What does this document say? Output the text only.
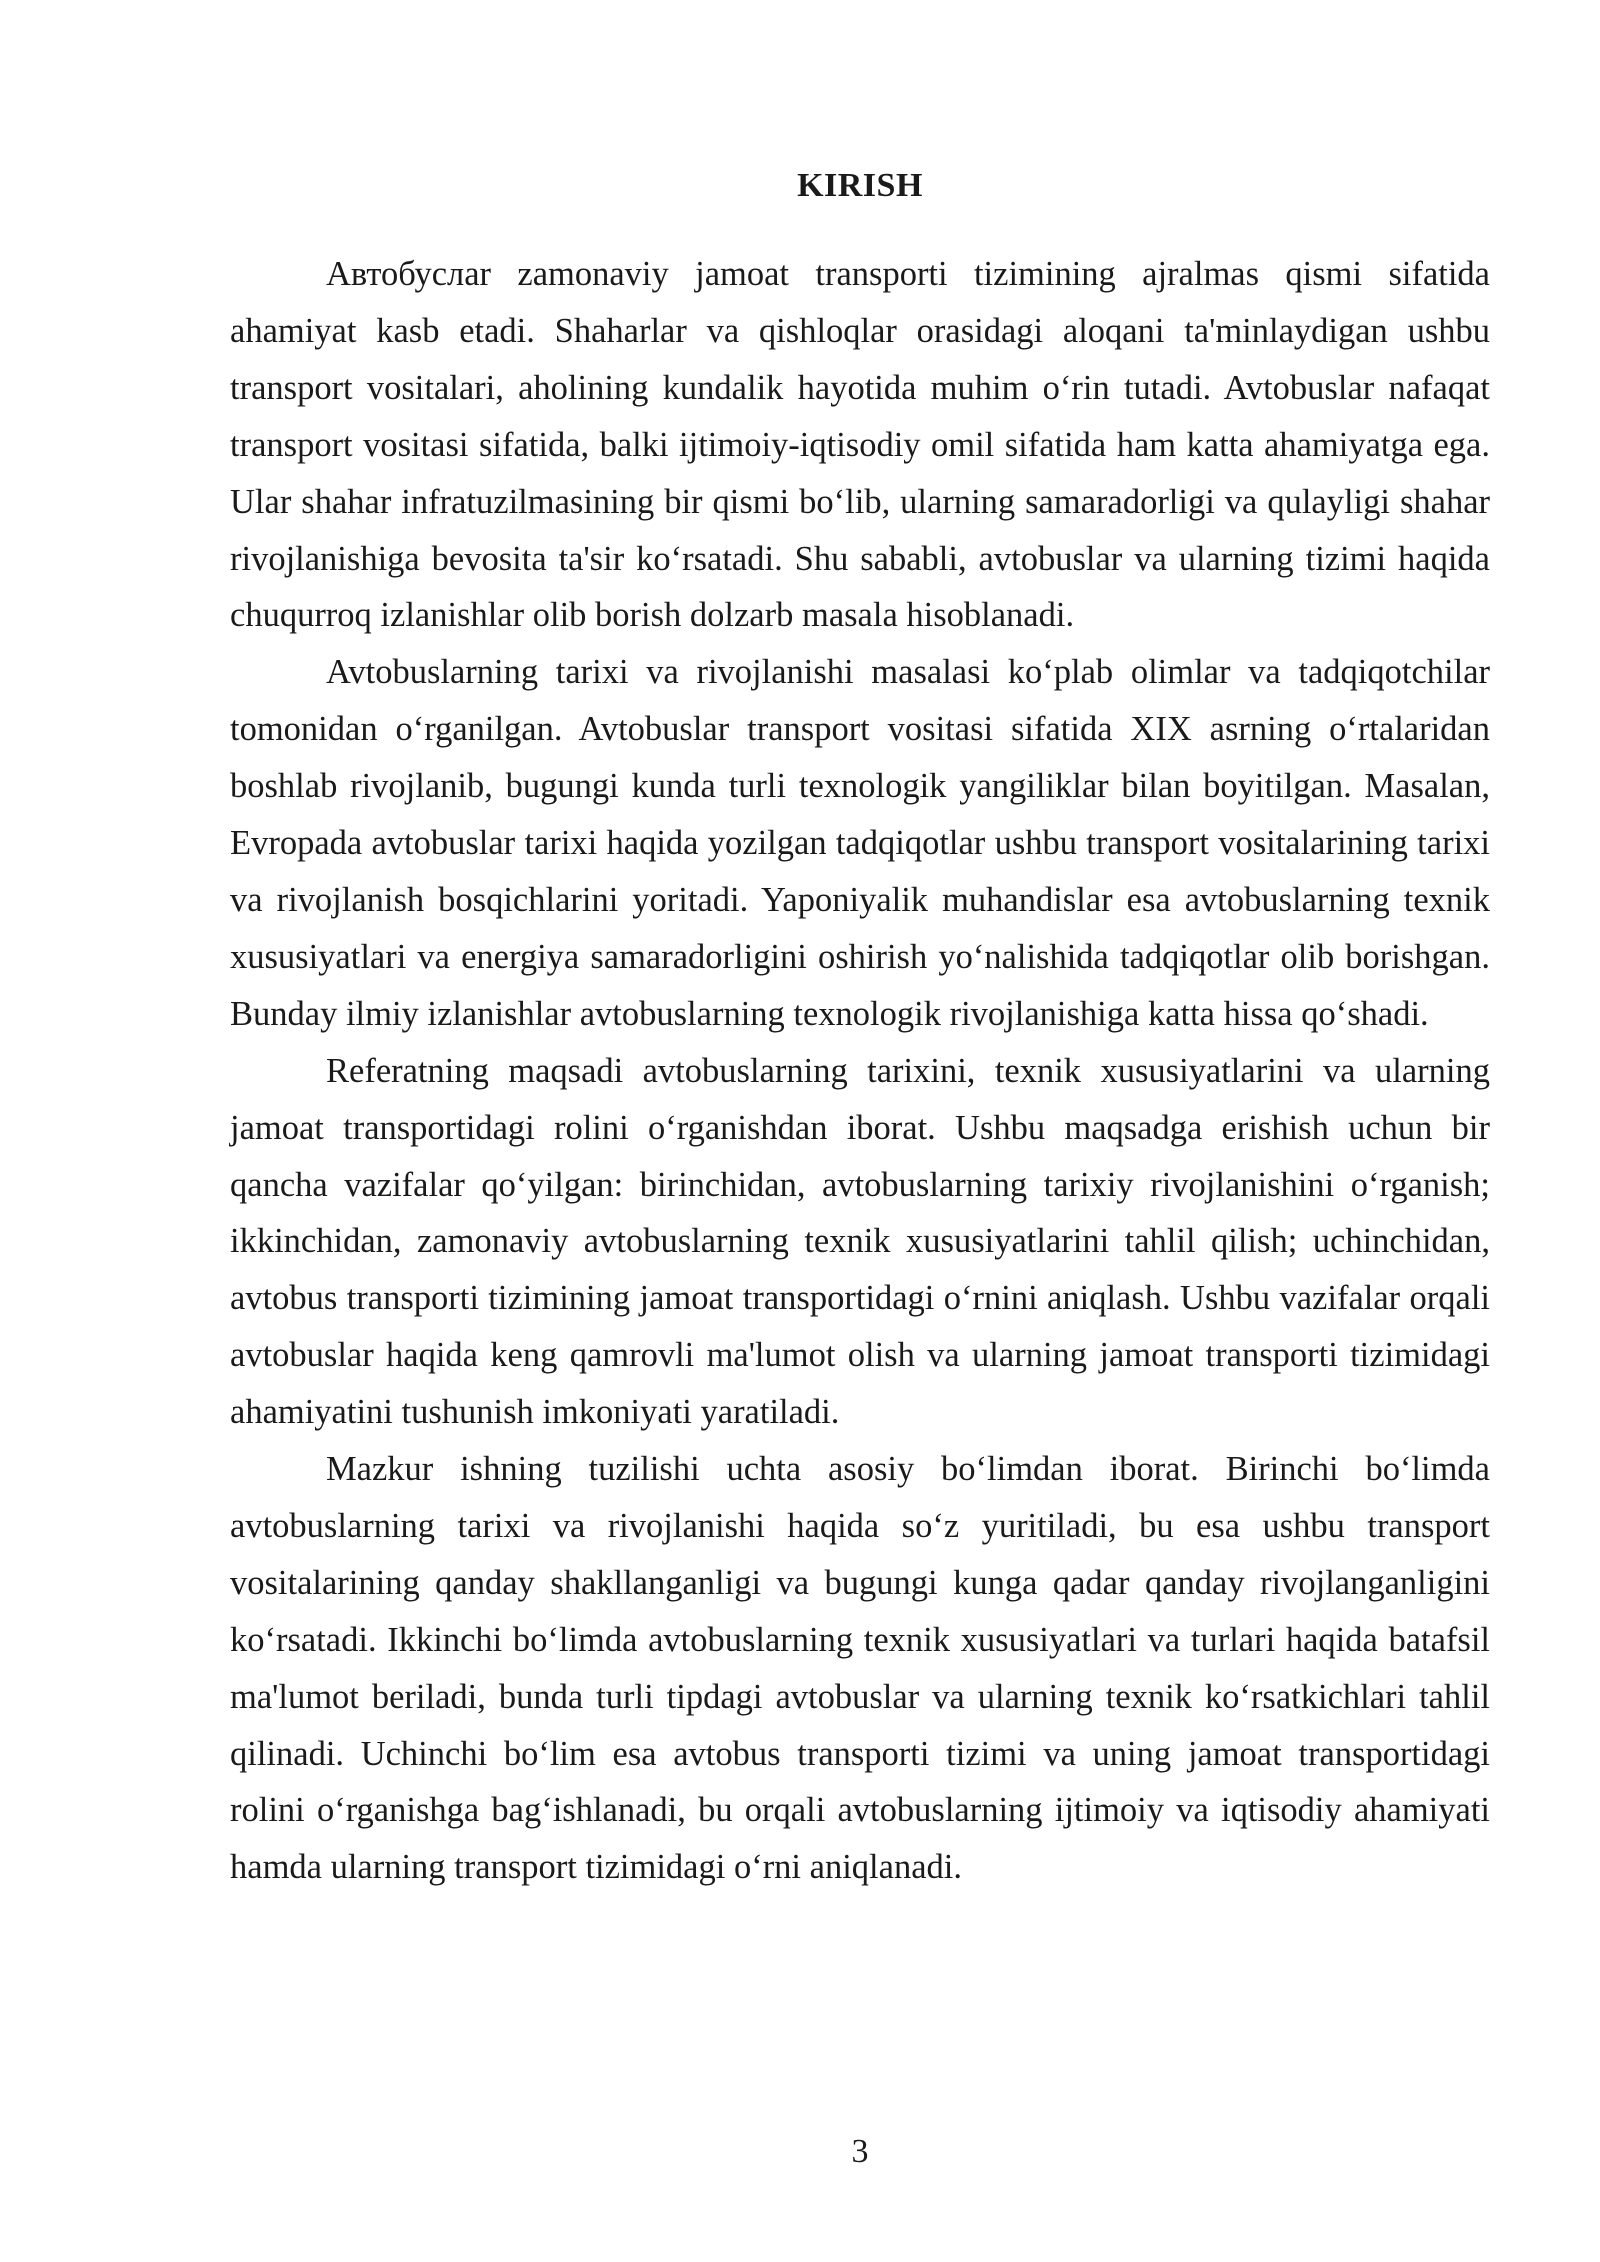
KIRISH

Автобуслar zamonaviy jamoat transporti tizimining ajralmas qismi sifatida ahamiyat kasb etadi. Shaharlar va qishloqlar orasidagi aloqani ta'minlaydigan ushbu transport vositalari, aholining kundalik hayotida muhim o‘rin tutadi. Avtobuslar nafaqat transport vositasi sifatida, balki ijtimoiy-iqtisodiy omil sifatida ham katta ahamiyatga ega. Ular shahar infratuzilmasining bir qismi bo‘lib, ularning samaradorligi va qulayligi shahar rivojlanishiga bevosita ta'sir ko‘rsatadi. Shu sababli, avtobuslar va ularning tizimi haqida chuqurroq izlanishlar olib borish dolzarb masala hisoblanadi.

Avtobuslarning tarixi va rivojlanishi masalasi ko‘plab olimlar va tadqiqotchilar tomonidan o‘rganilgan. Avtobuslar transport vositasi sifatida XIX asrning o‘rtalaridan boshlab rivojlanib, bugungi kunda turli texnologik yangiliklar bilan boyitilgan. Masalan, Evropada avtobuslar tarixi haqida yozilgan tadqiqotlar ushbu transport vositalarining tarixi va rivojlanish bosqichlarini yoritadi. Yaponiyalik muhandislar esa avtobuslarning texnik xususiyatlari va energiya samaradorligini oshirish yo‘nalishida tadqiqotlar olib borishgan. Bunday ilmiy izlanishlar avtobuslarning texnologik rivojlanishiga katta hissa qo‘shadi.

Referatning maqsadi avtobuslarning tarixini, texnik xususiyatlarini va ularning jamoat transportidagi rolini o‘rganishdan iborat. Ushbu maqsadga erishish uchun bir qancha vazifalar qo‘yilgan: birinchidan, avtobuslarning tarixiy rivojlanishini o‘rganish; ikkinchidan, zamonaviy avtobuslarning texnik xususiyatlarini tahlil qilish; uchinchidan, avtobus transporti tizimining jamoat transportidagi o‘rnini aniqlash. Ushbu vazifalar orqali avtobuslar haqida keng qamrovli ma'lumot olish va ularning jamoat transporti tizimidagi ahamiyatini tushunish imkoniyati yaratiladi.

Mazkur ishning tuzilishi uchta asosiy bo‘limdan iborat. Birinchi bo‘limda avtobuslarning tarixi va rivojlanishi haqida so‘z yuritiladi, bu esa ushbu transport vositalarining qanday shakllanganligi va bugungi kunga qadar qanday rivojlanganligini ko‘rsatadi. Ikkinchi bo‘limda avtobuslarning texnik xususiyatlari va turlari haqida batafsil ma'lumot beriladi, bunda turli tipdagi avtobuslar va ularning texnik ko‘rsatkichlari tahlil qilinadi. Uchinchi bo‘lim esa avtobus transporti tizimi va uning jamoat transportidagi rolini o‘rganishga bag‘ishlanadi, bu orqali avtobuslarning ijtimoiy va iqtisodiy ahamiyati hamda ularning transport tizimidagi o‘rni aniqlanadi.

3
